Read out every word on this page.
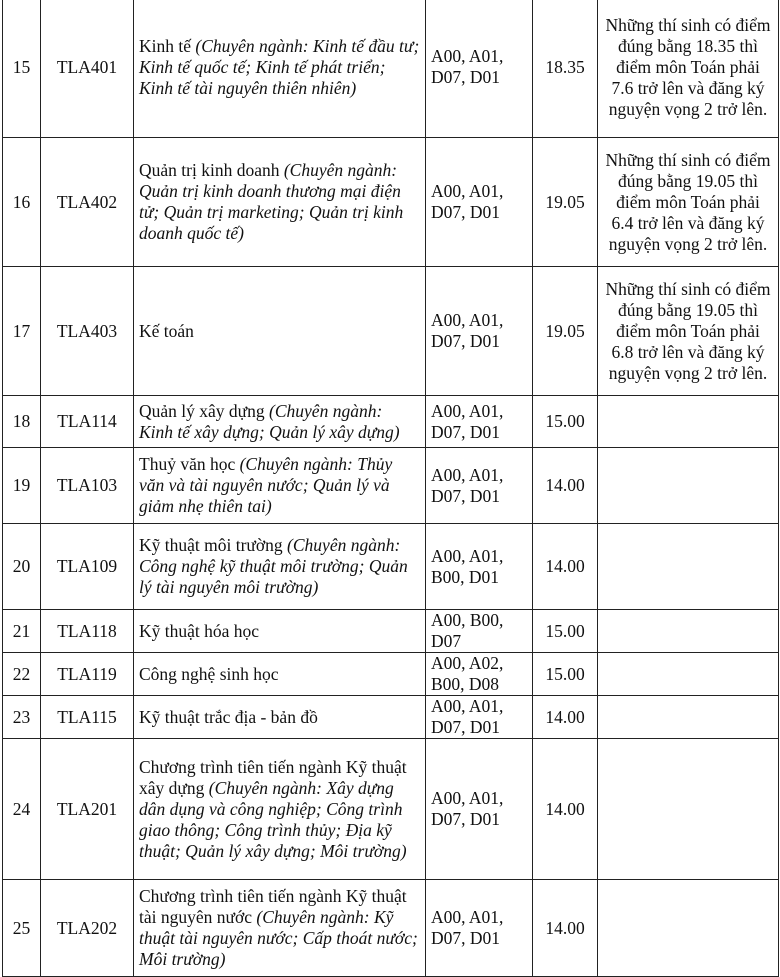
15	TLA401	Kinh tế (Chuyên ngành: Kinh tế đầu tư; Kinh tế quốc tế; Kinh tế phát triển; Kinh tế tài nguyên thiên nhiên)	A00, A01, D07, D01	18.35	Những thí sinh có điểm đúng bằng 18.35 thì điểm môn Toán phải 7.6 trở lên và đăng ký nguyện vọng 2 trở lên.
16	TLA402	Quản trị kinh doanh (Chuyên ngành: Quản trị kinh doanh thương mại điện tử; Quản trị marketing; Quản trị kinh doanh quốc tế)	A00, A01, D07, D01	19.05	Những thí sinh có điểm đúng bằng 19.05 thì điểm môn Toán phải 6.4 trở lên và đăng ký nguyện vọng 2 trở lên.
17	TLA403	Kế toán	A00, A01, D07, D01	19.05	Những thí sinh có điểm đúng bằng 19.05 thì điểm môn Toán phải 6.8 trở lên và đăng ký nguyện vọng 2 trở lên.
18	TLA114	Quản lý xây dựng (Chuyên ngành: Kinh tế xây dựng; Quản lý xây dựng)	A00, A01, D07, D01	15.00	
19	TLA103	Thuỷ văn học (Chuyên ngành: Thủy văn và tài nguyên nước; Quản lý và giảm nhẹ thiên tai)	A00, A01, D07, D01	14.00	
20	TLA109	Kỹ thuật môi trường (Chuyên ngành: Công nghệ kỹ thuật môi trường; Quản lý tài nguyên môi trường)	A00, A01, B00, D01	14.00	
21	TLA118	Kỹ thuật hóa học	A00, B00, D07	15.00	
22	TLA119	Công nghệ sinh học	A00, A02, B00, D08	15.00	
23	TLA115	Kỹ thuật trắc địa - bản đồ	A00, A01, D07, D01	14.00	
24	TLA201	Chương trình tiên tiến ngành Kỹ thuật xây dựng (Chuyên ngành: Xây dựng dân dụng và công nghiệp; Công trình giao thông; Công trình thủy; Địa kỹ thuật; Quản lý xây dựng; Môi trường)	A00, A01, D07, D01	14.00	
25	TLA202	Chương trình tiên tiến ngành Kỹ thuật tài nguyên nước (Chuyên ngành: Kỹ thuật tài nguyên nước; Cấp thoát nước; Môi trường)	A00, A01, D07, D01	14.00	
